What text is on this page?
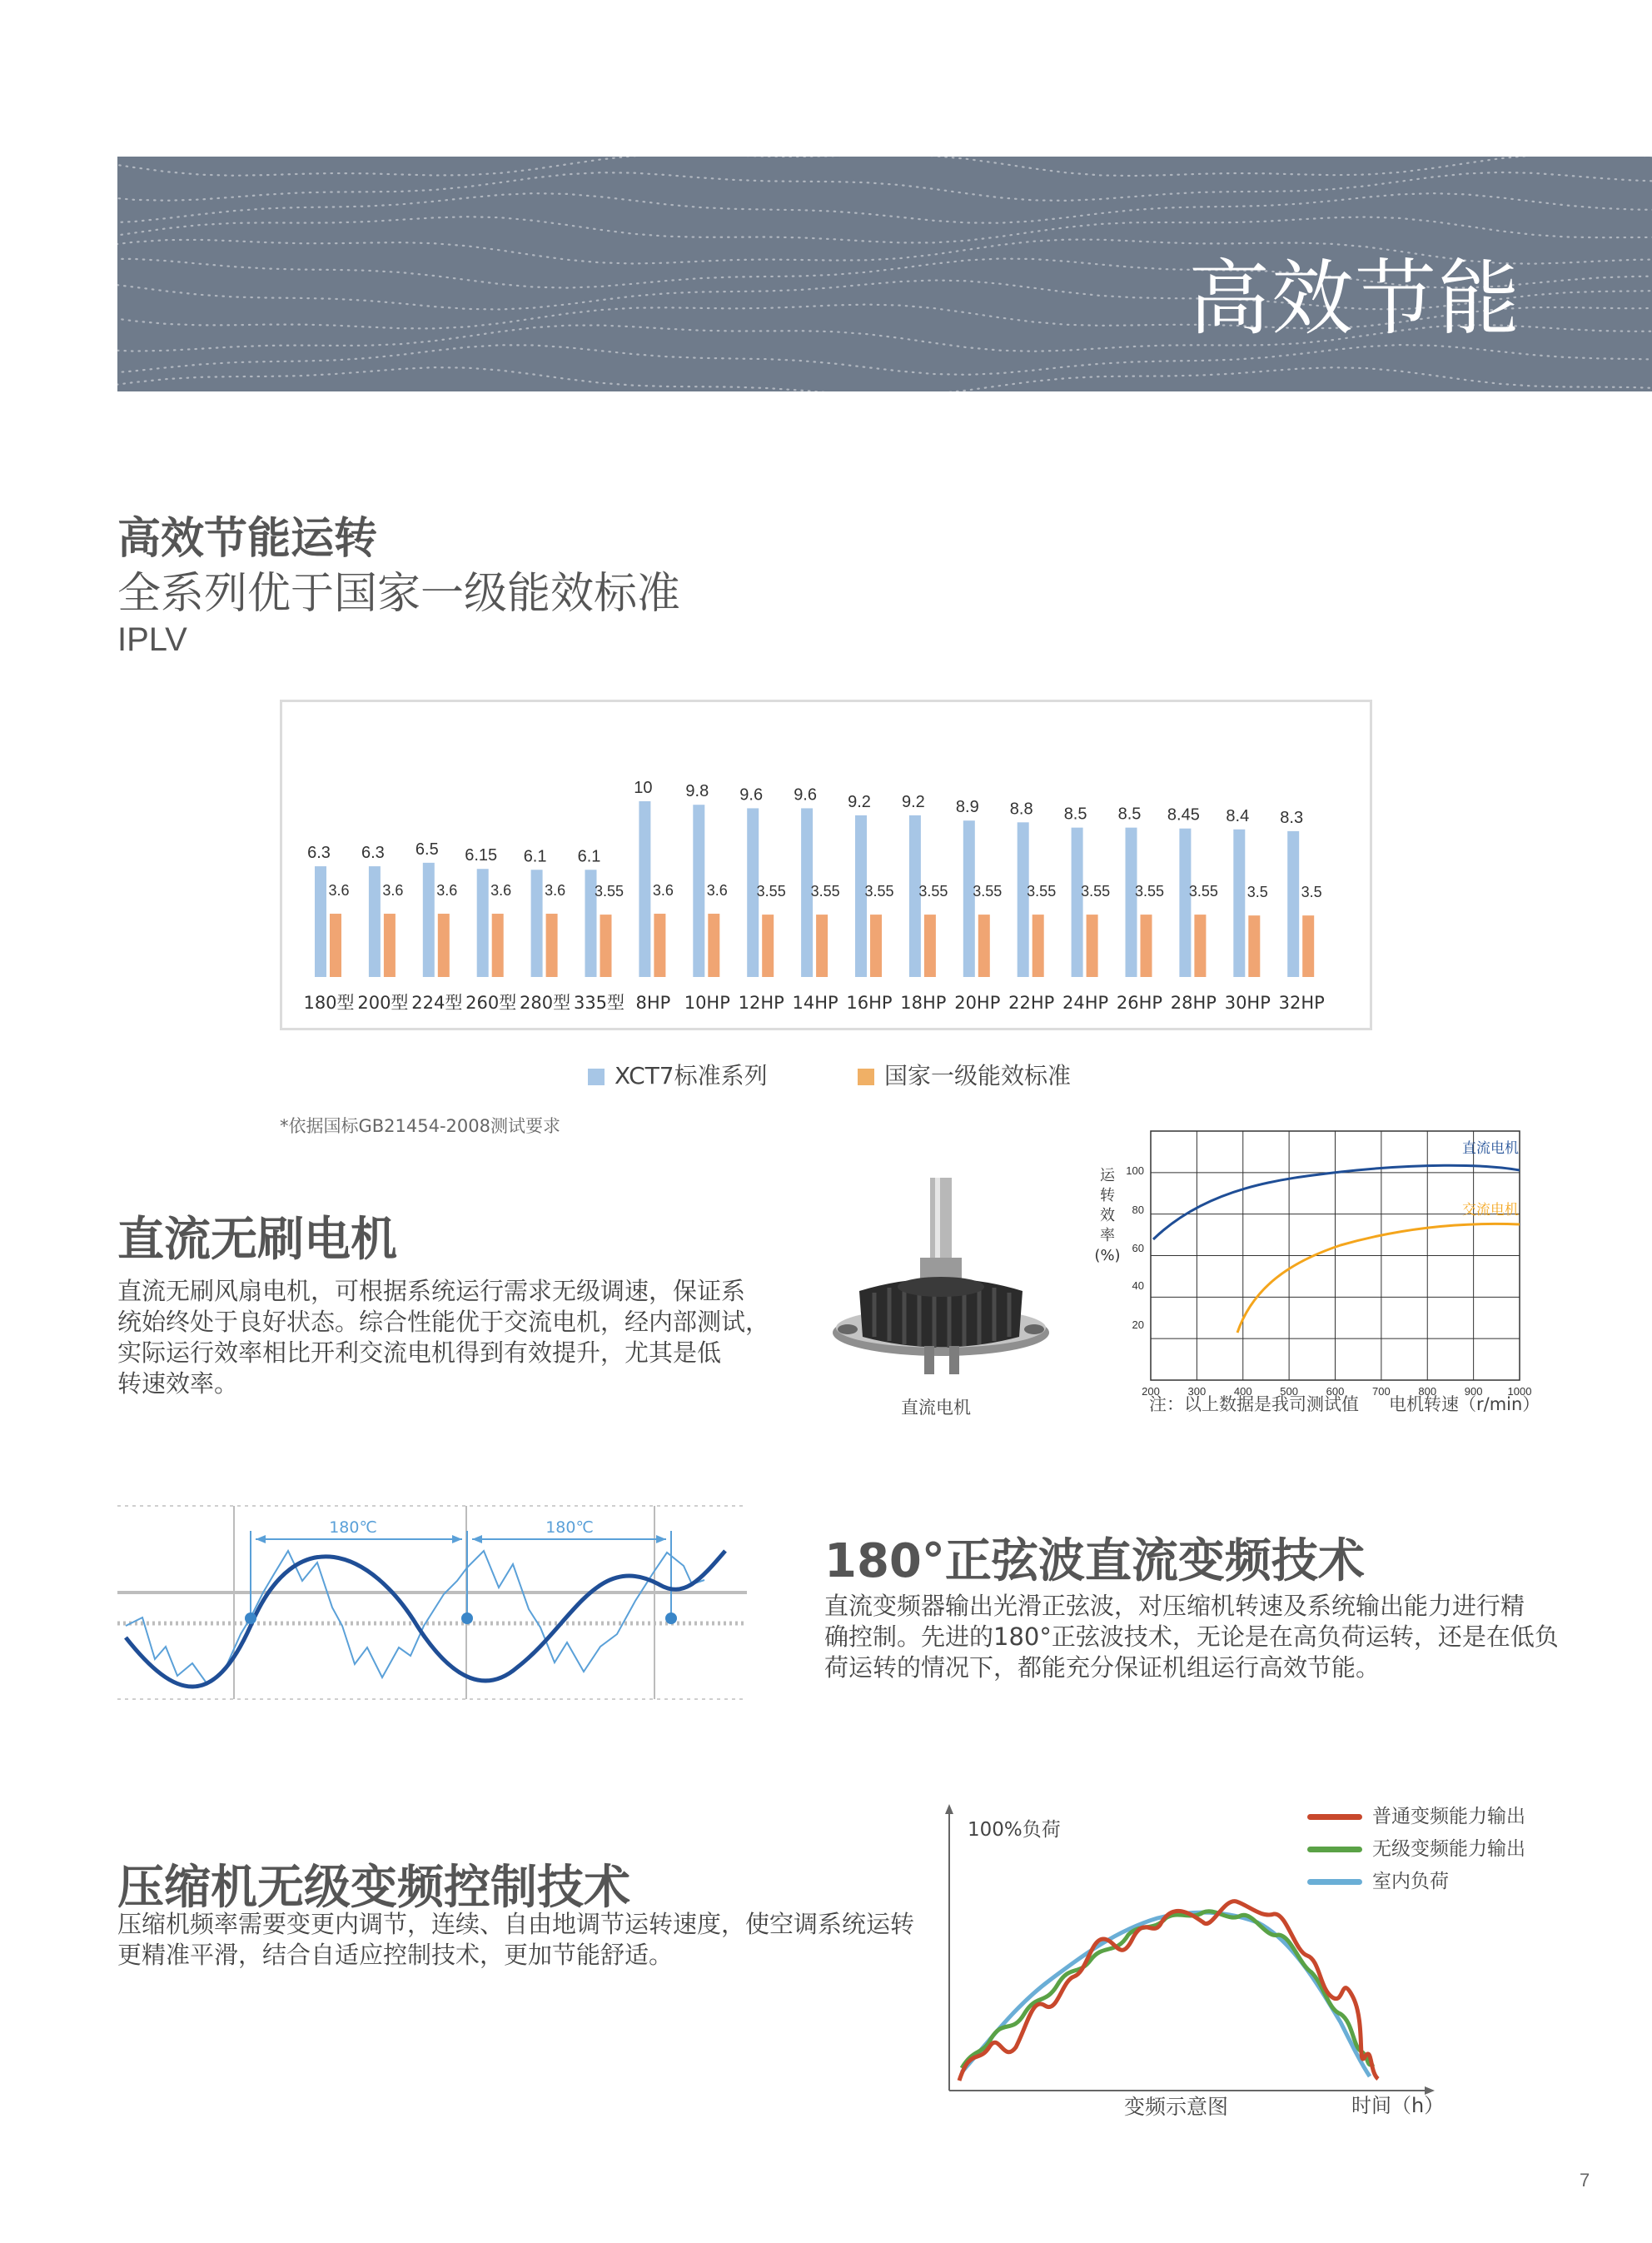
高效节能
高效节能运转
全系列优于国家一级能效标准
IPLV
6.3
3.6
180型
6.3
3.6
200型
6.5
3.6
224型
6.15
3.6
260型
6.1
3.6
280型
6.1
3.55
335型
10
3.6
8HP
9.8
3.6
10HP
9.6
3.55
12HP
9.6
3.55
14HP
9.2
3.55
16HP
9.2
3.55
18HP
8.9
3.55
20HP
8.8
3.55
22HP
8.5
3.55
24HP
8.5
3.55
26HP
8.45
3.55
28HP
8.4
3.5
30HP
8.3
3.5
32HP
XCT7标准系列	国家一级能效标准
*依据国标GB21454-2008测试要求
直流无刷电机
直流无刷风扇电机，可根据系统运行需求无级调速，保证系
统始终处于良好状态。综合性能优于交流电机，经内部测试，
实际运行效率相比开利交流电机得到有效提升，尤其是低
转速效率。
直流电机
100
80
60
40
20
200	300	400	500	600	700	800	900 1000
运
转
效
率
(%)
直流电机
交流电机
注：以上数据是我司测试值 电机转速（r/min）
180℃	180℃
180°正弦波直流变频技术
直流变频器输出光滑正弦波，对压缩机转速及系统输出能力进行精
确控制。先进的180°正弦波技术，无论是在高负荷运转，还是在低负
荷运转的情况下，都能充分保证机组运行高效节能。
压缩机无级变频控制技术
压缩机频率需要变更内调节，连续、自由地调节运转速度，使空调系统运转
更精准平滑，结合自适应控制技术，更加节能舒适。
100%负荷
普通变频能力输出
无级变频能力输出
室内负荷
变频示意图	时间（h）
7
